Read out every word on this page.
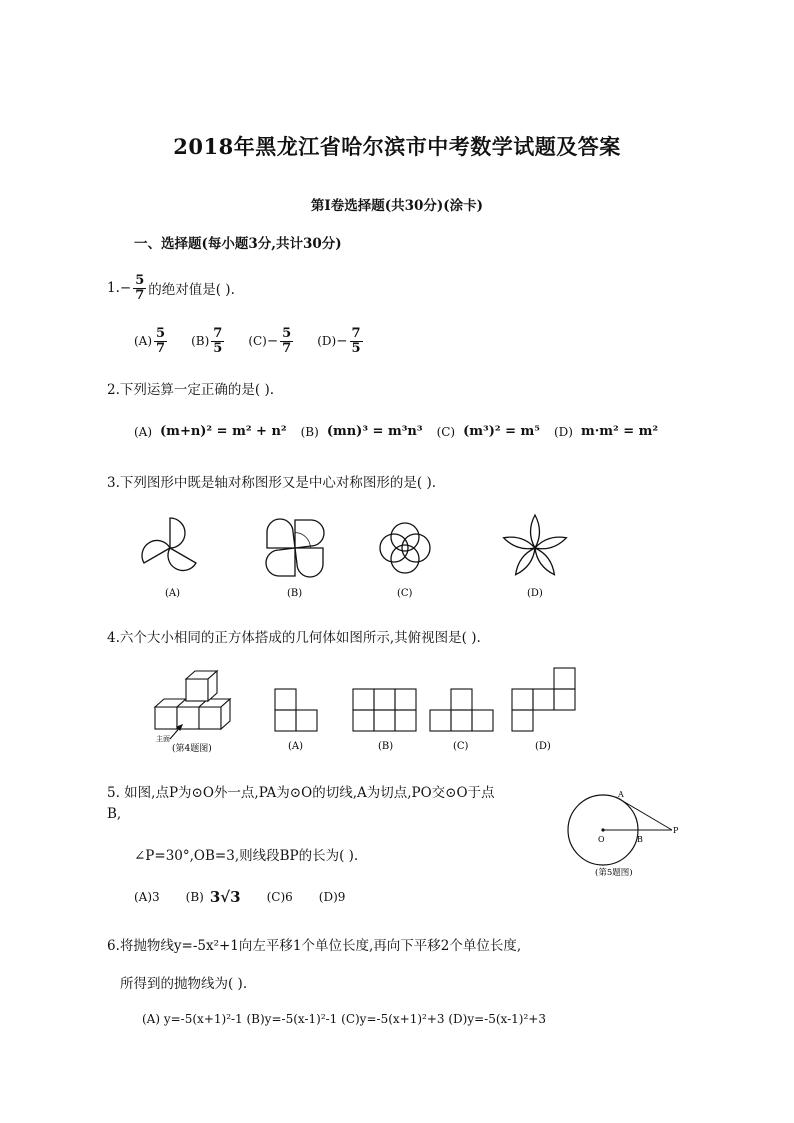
2018年黑龙江省哈尔滨市中考数学试题及答案
第Ⅰ卷选择题(共30分)(涂卡)
一、选择题(每小题3分,共计30分)
1. − $\frac{5}{7}$ 的绝对值是( ).
$(A) \frac{5}{7} (B) \frac{7}{5} (C) - \frac{5}{7} (D) - \frac{7}{5}$
2.下列运算一定正确的是( ).
(A) (m+n)² = m² + n² (B) (mn)³ = m³n³ (C) (m³)² = m⁵ (D) m·m² = m²
3.下列图形中既是轴对称图形又是中心对称图形的是( ).
(A)	(B)	(C)	(D)
4.六个大小相同的正方体搭成的几何体如图所示,其俯视图是( ).
主面
(第4题图)	(A)	(B)	(C)	(D)
5. 如图,点P为⊙O外一点,PA为⊙O的切线,A为切点,PO交⊙O于点
B,
∠P=30°,OB=3,则线段BP的长为( ).
(A)3 (B) 3√3 (C)6 (D)9
A
O	B
P
(第5题图)
6.将抛物线y=-5x²+1向左平移1个单位长度,再向下平移2个单位长度,
所得到的抛物线为( ).
(A) y=-5(x+1)²-1 (B)y=-5(x-1)²-1 (C)y=-5(x+1)²+3 (D)y=-5(x-1)²+3
